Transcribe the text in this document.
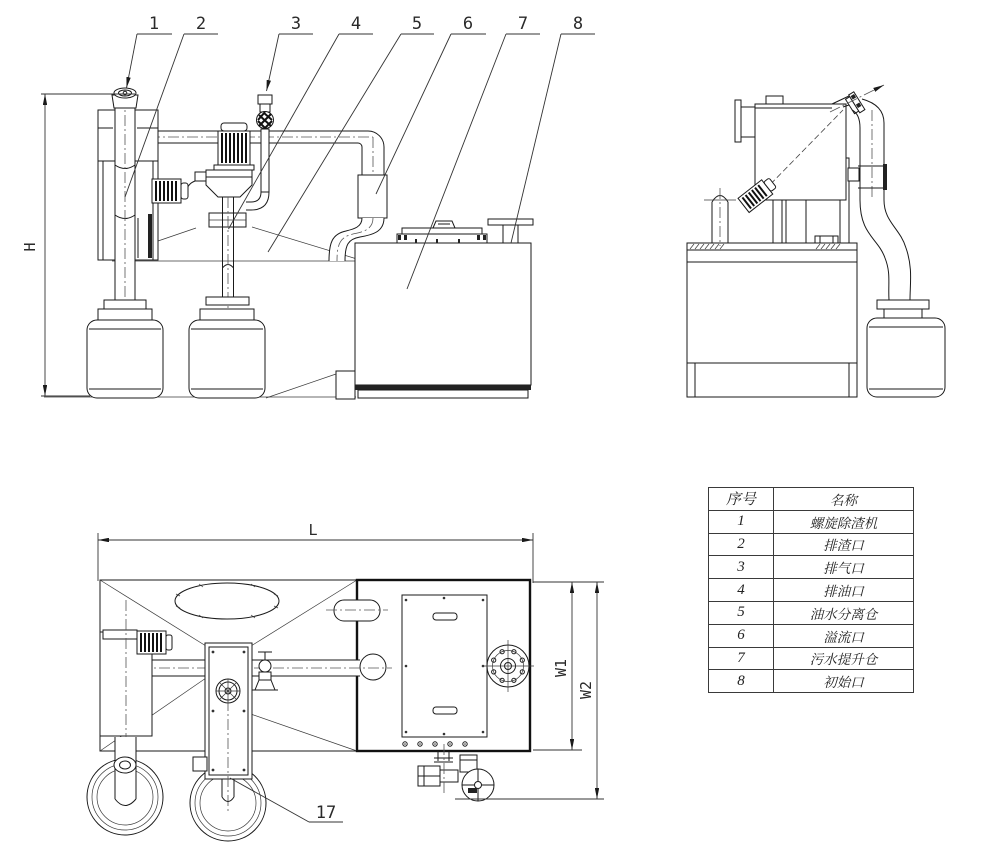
H
1 2	3	4	5 6	7	8
L
W1
W2
17
序号	名称
1	螺旋除渣机
2	排渣口
3	排气口
4	排油口
5	油水分离仓
6	溢流口
7	污水提升仓
8	初始口
